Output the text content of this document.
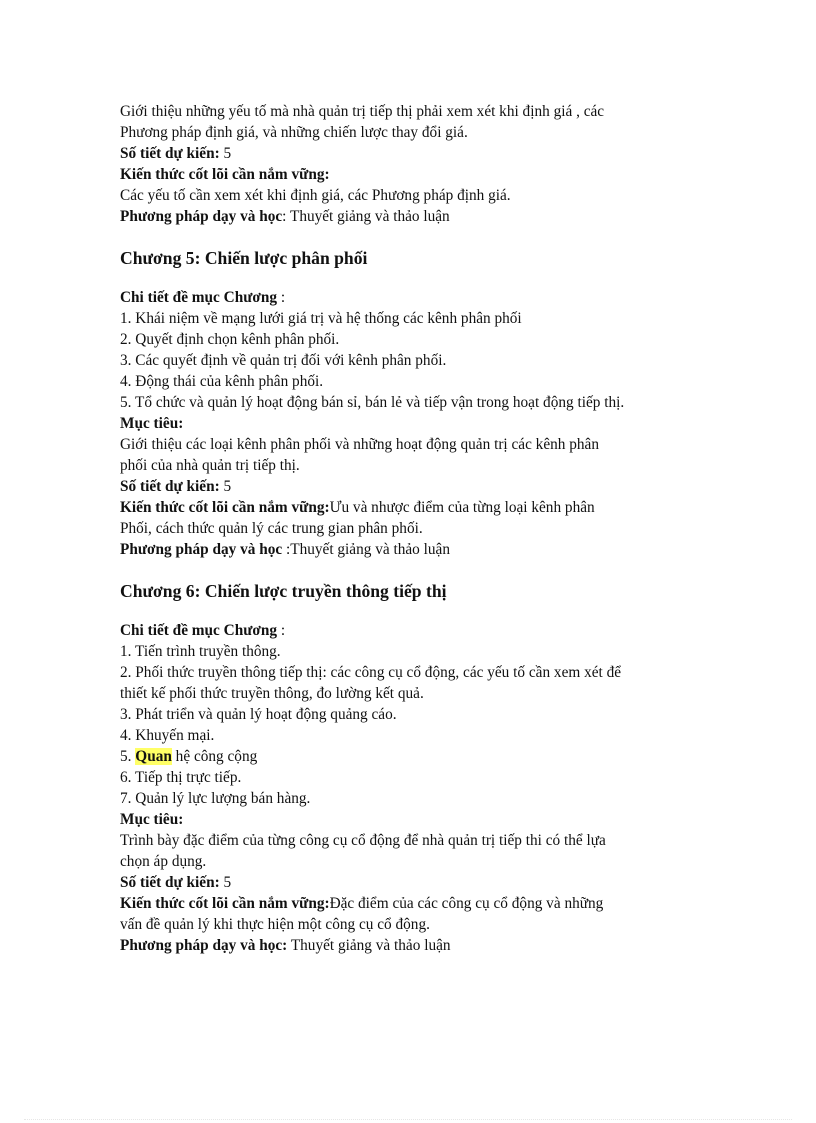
Giới thiệu những yếu tố mà nhà quản trị tiếp thị phải xem xét khi định giá , các
Phương pháp định giá, và những chiến lược thay đổi giá.
Số tiết dự kiến: 5
Kiến thức cốt lõi cần nắm vững:
Các yếu tố cần xem xét khi định giá, các Phương pháp định giá.
Phương pháp dạy và học: Thuyết giảng và thảo luận
Chương 5: Chiến lược phân phối
Chi tiết đề mục Chương :
1. Khái niệm về mạng lưới giá trị và hệ thống các kênh phân phối
2. Quyết định chọn kênh phân phối.
3. Các quyết định về quản trị đối với kênh phân phối.
4. Động thái của kênh phân phối.
5. Tổ chức và quản lý hoạt động bán sỉ, bán lẻ và tiếp vận trong hoạt động tiếp thị.
Mục tiêu:
Giới thiệu các loại kênh phân phối và những hoạt động quản trị các kênh phân
phối của nhà quản trị tiếp thị.
Số tiết dự kiến: 5
Kiến thức cốt lõi cần nắm vững:Ưu và nhược điểm của từng loại kênh phân
Phối, cách thức quản lý các trung gian phân phối.
Phương pháp dạy và học :Thuyết giảng và thảo luận
Chương 6: Chiến lược truyền thông tiếp thị
Chi tiết đề mục Chương :
1. Tiến trình truyền thông.
2. Phối thức truyền thông tiếp thị: các công cụ cổ động, các yếu tố cần xem xét để
thiết kế phối thức truyền thông, đo lường kết quả.
3. Phát triển và quản lý hoạt động quảng cáo.
4. Khuyến mại.
5. Quan hệ công cộng
6. Tiếp thị trực tiếp.
7. Quản lý lực lượng bán hàng.
Mục tiêu:
Trình bày đặc điểm của từng công cụ cổ động để nhà quản trị tiếp thi có thể lựa
chọn áp dụng.
Số tiết dự kiến: 5
Kiến thức cốt lõi cần nắm vững:Đặc điểm của các công cụ cổ động và những
vấn đề quản lý khi thực hiện một công cụ cổ động.
Phương pháp dạy và học: Thuyết giảng và thảo luận
